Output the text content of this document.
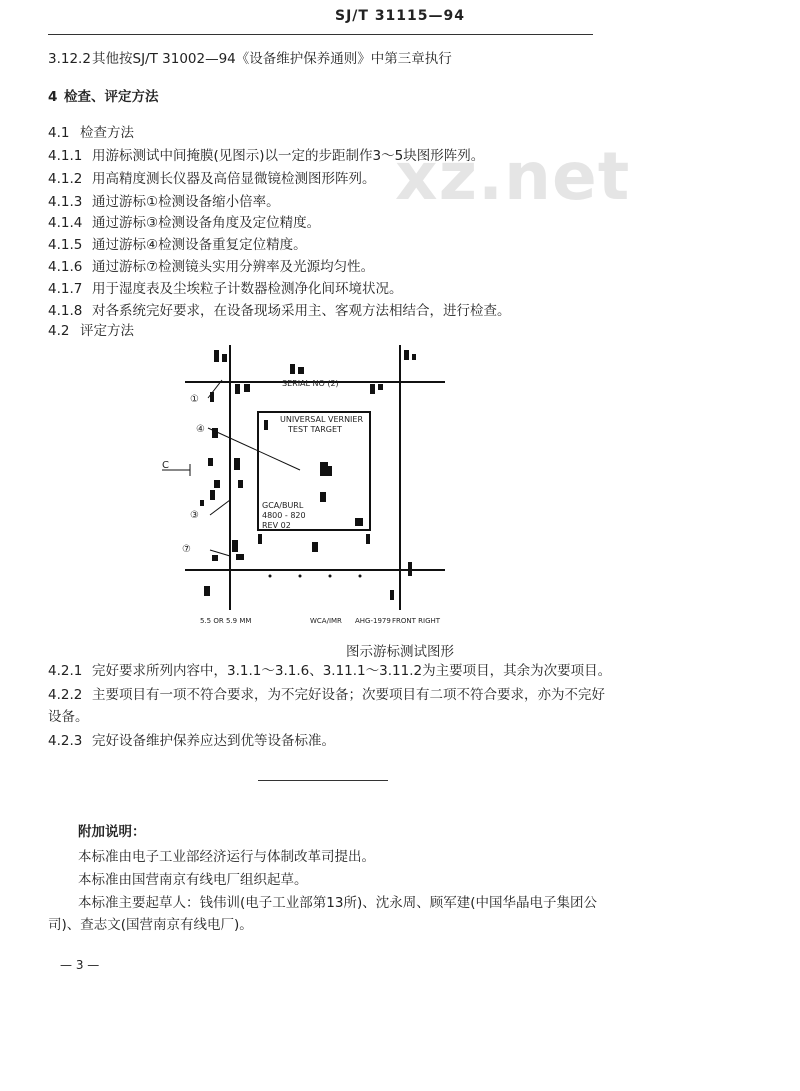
SJ/T 31115—94
xz.net
3.12.2其他按SJ/T 31002—94《设备维护保养通则》中第三章执行
4 检查、评定方法
4.1 检查方法
4.1.1 用游标测试中间掩膜(见图示)以一定的步距制作3～5块图形阵列。
4.1.2 用高精度测长仪器及高倍显微镜检测图形阵列。
4.1.3 通过游标①检测设备缩小倍率。
4.1.4 通过游标③检测设备角度及定位精度。
4.1.5 通过游标④检测设备重复定位精度。
4.1.6 通过游标⑦检测镜头实用分辨率及光源均匀性。
4.1.7 用于湿度表及尘埃粒子计数器检测净化间环境状况。
4.1.8 对各系统完好要求，在设备现场采用主、客观方法相结合，进行检查。
4.2 评定方法
SERIAL NO (2)
UNIVERSAL VERNIER
TEST TARGET
GCA/BURL
4800 - 820
REV 02
5.5 OR 5.9 MM	WCA/IMR AHG-1979 FRONT RIGHT
①
④
C
③
⑦
图示游标测试图形
4.2.1 完好要求所列内容中，3.1.1～3.1.6、3.11.1～3.11.2为主要项目，其余为次要项目。
4.2.2 主要项目有一项不符合要求，为不完好设备；次要项目有二项不符合要求，亦为不完好
设备。
4.2.3 完好设备维护保养应达到优等设备标准。
附加说明：
本标准由电子工业部经济运行与体制改革司提出。
本标准由国营南京有线电厂组织起草。
本标准主要起草人：钱伟训(电子工业部第13所)、沈永周、顾军建(中国华晶电子集团公
司)、查志文(国营南京有线电厂)。
— 3 —
